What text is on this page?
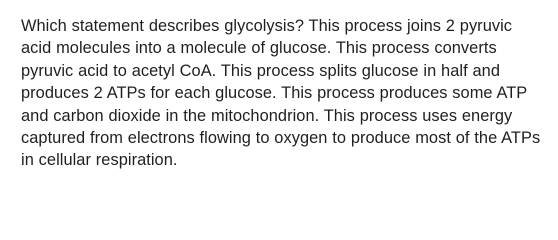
Which statement describes glycolysis? This process joins 2 pyruvic acid molecules into a molecule of glucose. This process converts pyruvic acid to acetyl CoA. This process splits glucose in half and produces 2 ATPs for each glucose. This process produces some ATP and carbon dioxide in the mitochondrion. This process uses energy captured from electrons flowing to oxygen to produce most of the ATPs in cellular respiration.
